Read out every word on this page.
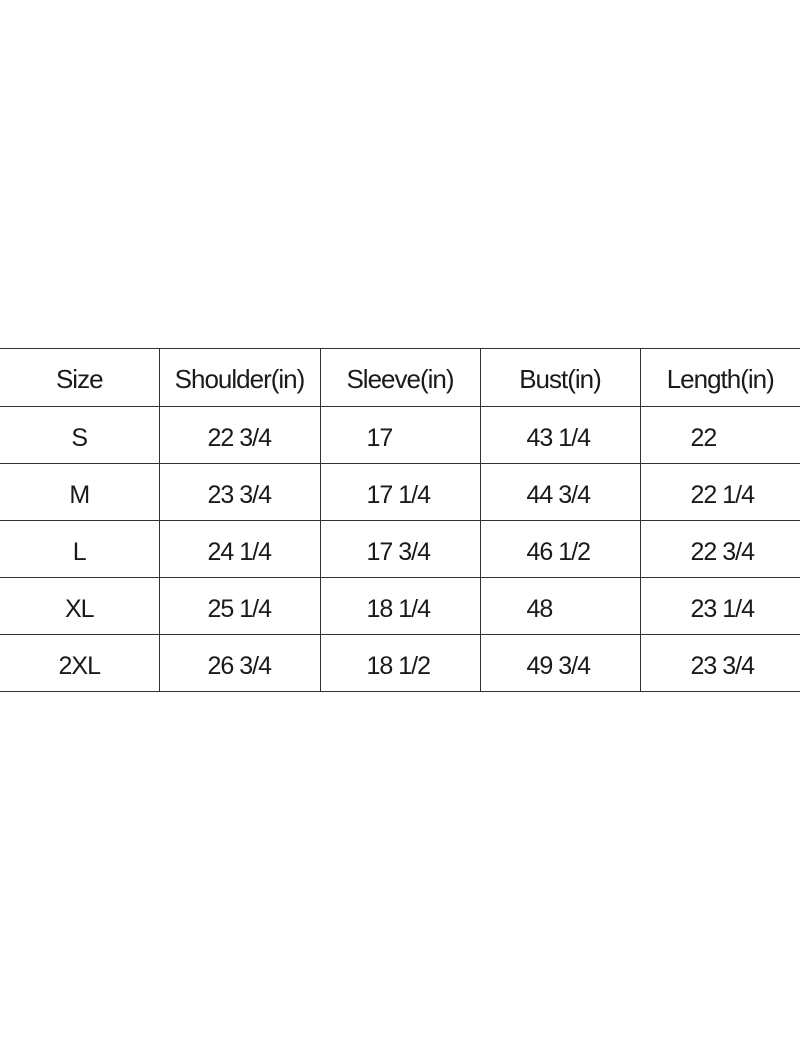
Size	Shoulder(in)	Sleeve(in)	Bust(in)	Length(in)
S	22 3/4	17	43 1/4	22
M	23 3/4	17 1/4	44 3/4	22 1/4
L	24 1/4	17 3/4	46 1/2	22 3/4
XL	25 1/4	18 1/4	48	23 1/4
2XL	26 3/4	18 1/2	49 3/4	23 3/4
